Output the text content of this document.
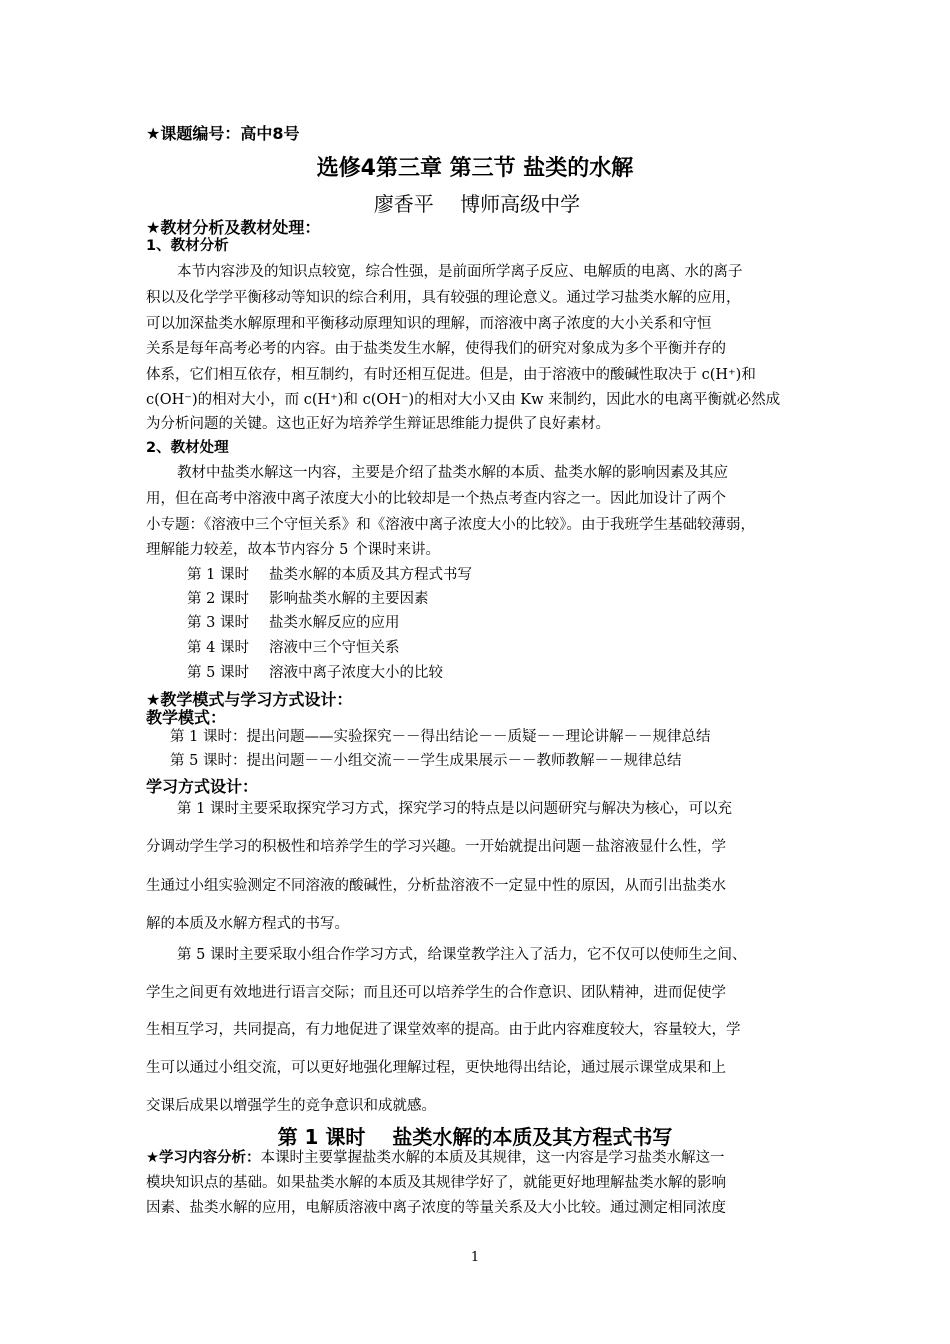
★课题编号：高中8号
选修4第三章 第三节 盐类的水解
廖香平　 博师高级中学
★教材分析及教材处理：
1、教材分析
本节内容涉及的知识点较宽，综合性强，是前面所学离子反应、电解质的电离、水的离子
积以及化学学平衡移动等知识的综合利用，具有较强的理论意义。通过学习盐类水解的应用，
可以加深盐类水解原理和平衡移动原理知识的理解，而溶液中离子浓度的大小关系和守恒
关系是每年高考必考的内容。由于盐类发生水解，使得我们的研究对象成为多个平衡并存的
体系，它们相互依存，相互制约，有时还相互促进。但是，由于溶液中的酸碱性取决于 c(H⁺)和
c(OH⁻)的相对大小，而 c(H⁺)和 c(OH⁻)的相对大小又由 Kw 来制约，因此水的电离平衡就必然成
为分析问题的关键。这也正好为培养学生辩证思维能力提供了良好素材。
2、教材处理
教材中盐类水解这一内容，主要是介绍了盐类水解的本质、盐类水解的影响因素及其应
用，但在高考中溶液中离子浓度大小的比较却是一个热点考查内容之一。因此加设计了两个
小专题：《溶液中三个守恒关系》和《溶液中离子浓度大小的比较》。由于我班学生基础较薄弱，
理解能力较差，故本节内容分 5 个课时来讲。
第 1 课时 盐类水解的本质及其方程式书写
第 2 课时 影响盐类水解的主要因素
第 3 课时 盐类水解反应的应用
第 4 课时 溶液中三个守恒关系
第 5 课时 溶液中离子浓度大小的比较
★教学模式与学习方式设计：
教学模式：
第 1 课时：提出问题——实验探究－－得出结论－－质疑－－理论讲解－－规律总结
第 5 课时：提出问题－－小组交流－－学生成果展示－－教师教解－－规律总结
学习方式设计：
第 1 课时主要采取探究学习方式，探究学习的特点是以问题研究与解决为核心，可以充
分调动学生学习的积极性和培养学生的学习兴趣。一开始就提出问题－盐溶液显什么性，学
生通过小组实验测定不同溶液的酸碱性，分析盐溶液不一定显中性的原因，从而引出盐类水
解的本质及水解方程式的书写。
第 5 课时主要采取小组合作学习方式，给课堂教学注入了活力，它不仅可以使师生之间、
学生之间更有效地进行语言交际；而且还可以培养学生的合作意识、团队精神，进而促使学
生相互学习，共同提高，有力地促进了课堂效率的提高。由于此内容难度较大，容量较大，学
生可以通过小组交流，可以更好地强化理解过程，更快地得出结论，通过展示课堂成果和上
交课后成果以增强学生的竞争意识和成就感。
第 1 课时　 盐类水解的本质及其方程式书写
★学习内容分析：本课时主要掌握盐类水解的本质及其规律，这一内容是学习盐类水解这一
模块知识点的基础。如果盐类水解的本质及其规律学好了，就能更好地理解盐类水解的影响
因素、盐类水解的应用，电解质溶液中离子浓度的等量关系及大小比较。通过测定相同浓度
1
